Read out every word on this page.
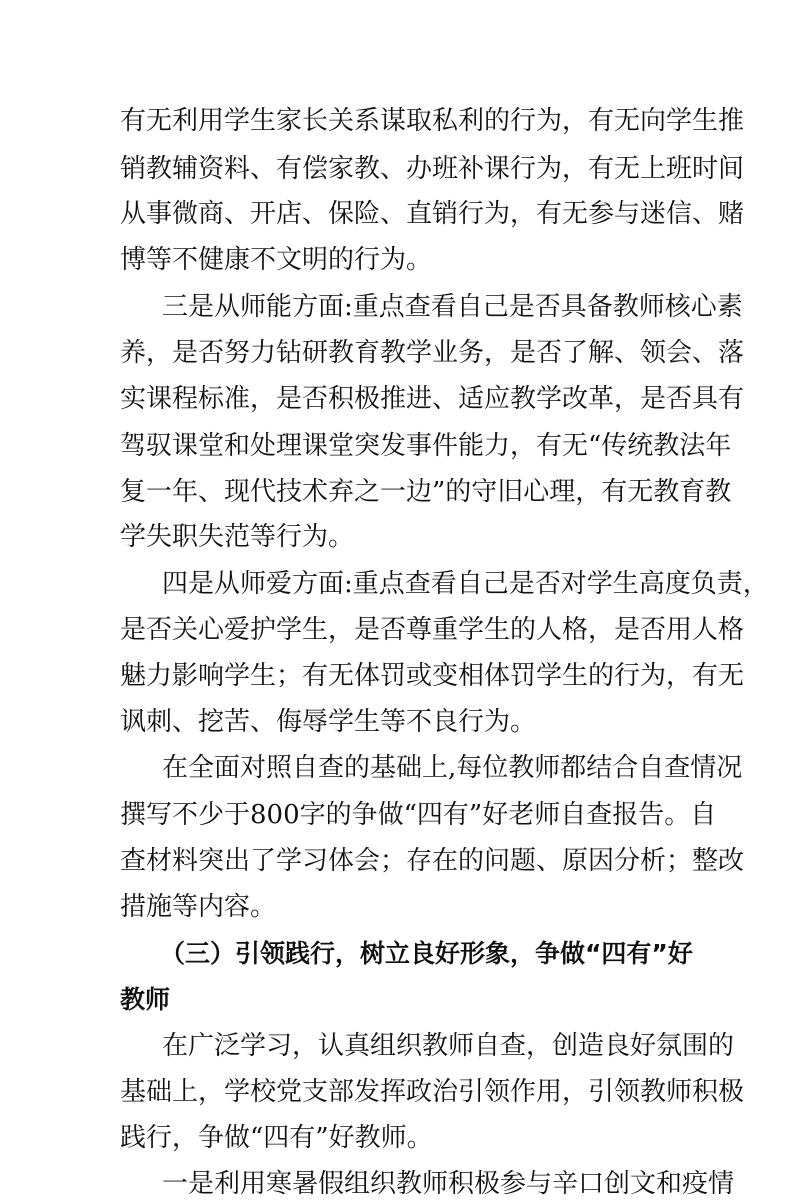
有无利用学生家长关系谋取私利的行为，有无向学生推
销教辅资料、有偿家教、办班补课行为，有无上班时间
从事微商、开店、保险、直销行为，有无参与迷信、赌
博等不健康不文明的行为。
三是从师能方面:重点查看自己是否具备教师核心素
养，是否努力钻研教育教学业务，是否了解、领会、落
实课程标准，是否积极推进、适应教学改革，是否具有
驾驭课堂和处理课堂突发事件能力，有无“传统教法年
复一年、现代技术弃之一边”的守旧心理，有无教育教
学失职失范等行为。
四是从师爱方面:重点查看自己是否对学生高度负责，
是否关心爱护学生，是否尊重学生的人格，是否用人格
魅力影响学生；有无体罚或变相体罚学生的行为，有无
讽刺、挖苦、侮辱学生等不良行为。
在全面对照自查的基础上,每位教师都结合自查情况
撰写不少于800字的争做“四有”好老师自查报告。自
查材料突出了学习体会；存在的问题、原因分析；整改
措施等内容。
（三）引领践行，树立良好形象，争做“四有”好
教师
在广泛学习，认真组织教师自查，创造良好氛围的
基础上，学校党支部发挥政治引领作用，引领教师积极
践行，争做“四有”好教师。
一是利用寒暑假组织教师积极参与辛口创文和疫情
